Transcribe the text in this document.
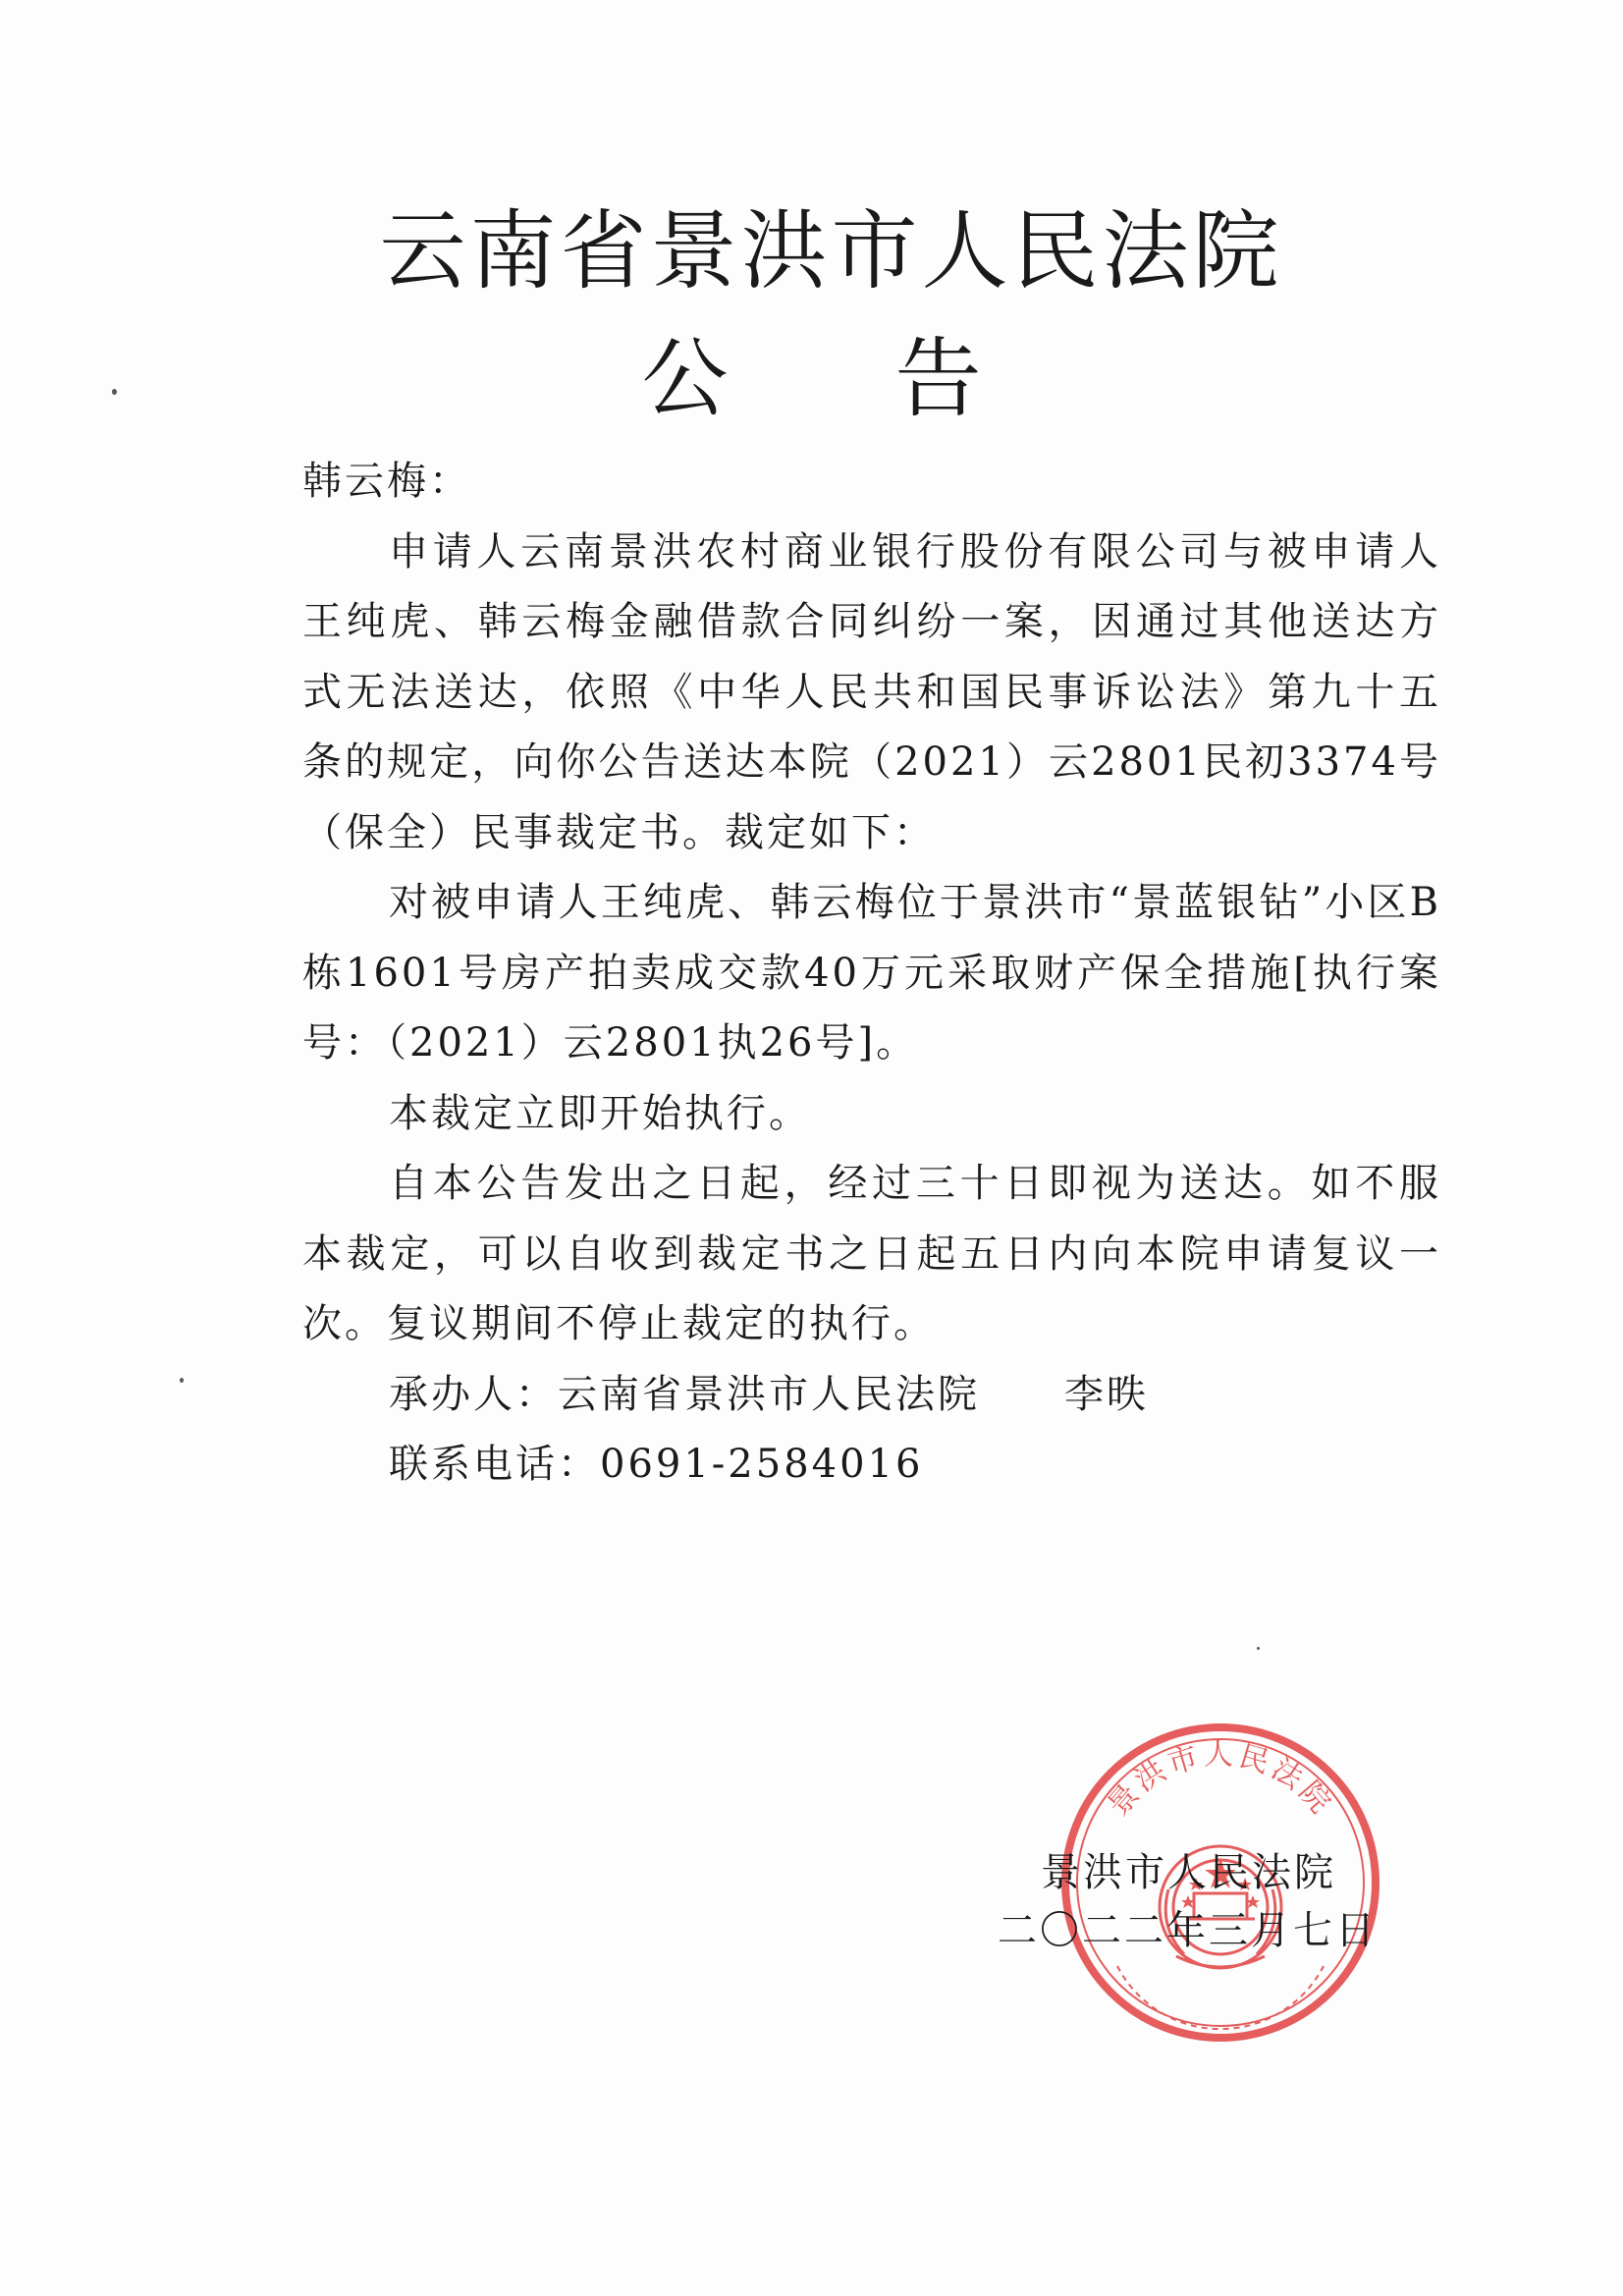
云南省景洪市人民法院
公告

韩云梅：

申请人云南景洪农村商业银行股份有限公司与被申请人王纯虎、韩云梅金融借款合同纠纷一案，因通过其他送达方式无法送达，依照《中华人民共和国民事诉讼法》第九十五条的规定，向你公告送达本院（2021）云2801民初3374号（保全）民事裁定书。裁定如下：

对被申请人王纯虎、韩云梅位于景洪市“景蓝银钻”小区B栋1601号房产拍卖成交款40万元采取财产保全措施[执行案号：（2021）云2801执26号]。

本裁定立即开始执行。

自本公告发出之日起，经过三十日即视为送达。如不服本裁定，可以自收到裁定书之日起五日内向本院申请复议一次。复议期间不停止裁定的执行。

承办人：云南省景洪市人民法院　　李昳

联系电话：0691-2584016

景洪市人民法院
景洪市人民法院
二〇二二年三月七日
